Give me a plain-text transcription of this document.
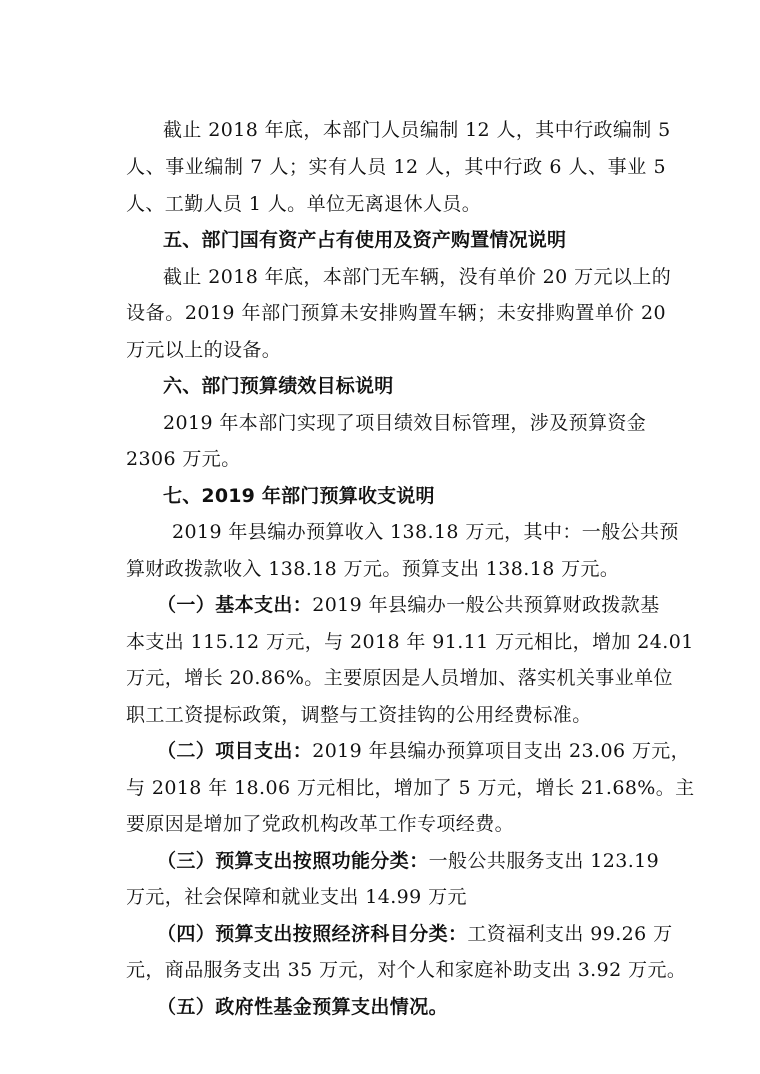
截止 2018 年底，本部门人员编制 12 人，其中行政编制 5
人、事业编制 7 人；实有人员 12 人，其中行政 6 人、事业 5
人、工勤人员 1 人。单位无离退休人员。
五、部门国有资产占有使用及资产购置情况说明
截止 2018 年底，本部门无车辆，没有单价 20 万元以上的
设备。2019 年部门预算未安排购置车辆；未安排购置单价 20
万元以上的设备。
六、部门预算绩效目标说明
2019 年本部门实现了项目绩效目标管理，涉及预算资金
2306 万元。
七、2019 年部门预算收支说明
2019 年县编办预算收入 138.18 万元，其中：一般公共预
算财政拨款收入 138.18 万元。预算支出 138.18 万元。
（一）基本支出：2019 年县编办一般公共预算财政拨款基
本支出 115.12 万元，与 2018 年 91.11 万元相比，增加 24.01
万元，增长 20.86%。主要原因是人员增加、落实机关事业单位
职工工资提标政策，调整与工资挂钩的公用经费标准。
（二）项目支出：2019 年县编办预算项目支出 23.06 万元，
与 2018 年 18.06 万元相比，增加了 5 万元，增长 21.68%。主
要原因是增加了党政机构改革工作专项经费。
（三）预算支出按照功能分类：一般公共服务支出 123.19
万元，社会保障和就业支出 14.99 万元
（四）预算支出按照经济科目分类：工资福利支出 99.26 万
元，商品服务支出 35 万元，对个人和家庭补助支出 3.92 万元。
（五）政府性基金预算支出情况。
